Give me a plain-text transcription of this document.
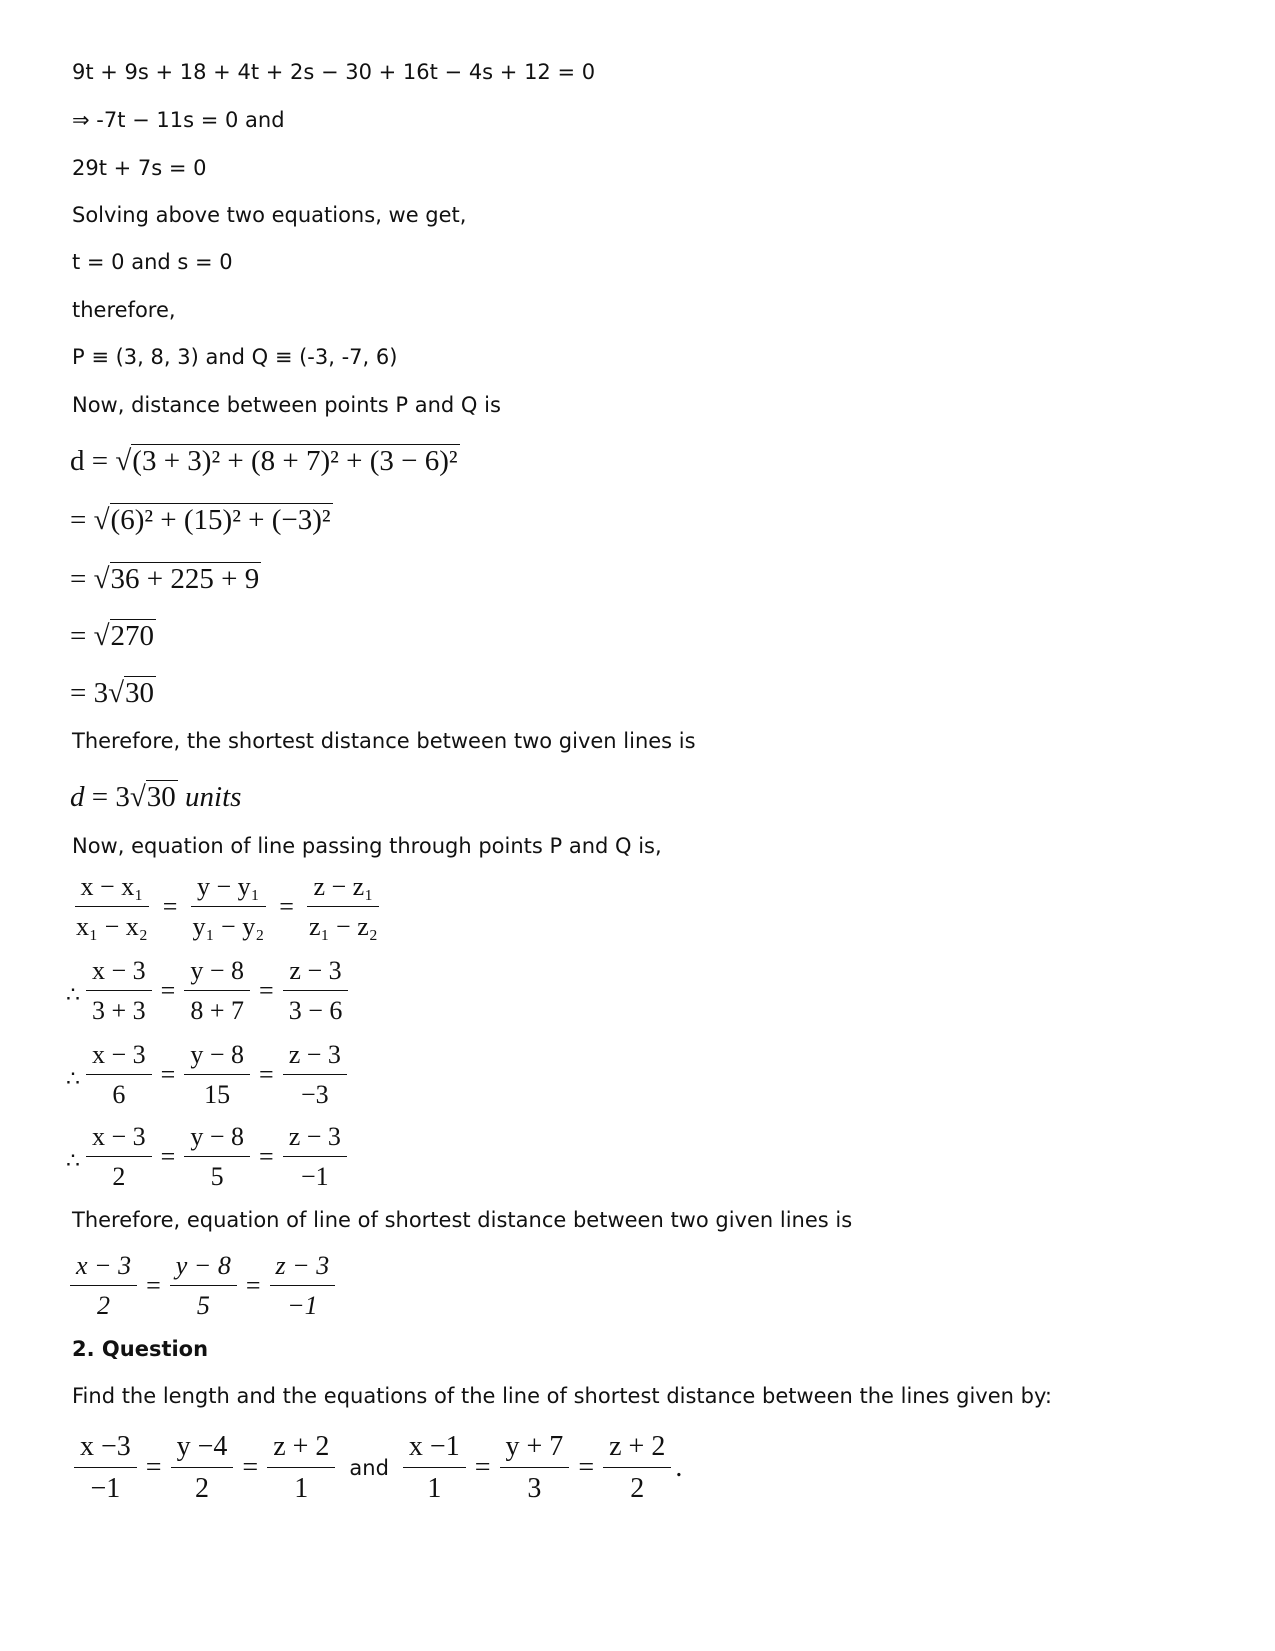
9t + 9s + 18 + 4t + 2s − 30 + 16t − 4s + 12 = 0
⇒ -7t − 11s = 0 and
29t + 7s = 0
Solving above two equations, we get,
t = 0 and s = 0
therefore,
P ≡ (3, 8, 3) and Q ≡ (-3, -7, 6)
Now, distance between points P and Q is
d = √(3 + 3)² + (8 + 7)² + (3 − 6)²
= √(6)² + (15)² + (−3)²
= √36 + 225 + 9
= √270
= 3√30
Therefore, the shortest distance between two given lines is
d = 3√30 units
Now, equation of line passing through points P and Q is,
$\frac{\text{x − x₁}}{\text{x₁ − x₂}} = \frac{\text{y − y₁}}{\text{y₁ − y₂}} = \frac{\text{z − z₁}}{\text{z₁ − z₂}}$
∴ $\frac{x - 3}{3 + 3} = \frac{y - 8}{8 + 7} = \frac{z - 3}{3 - 6}$
∴ $\frac{x - 3}{6} = \frac{y - 8}{15} = \frac{z - 3}{-3}$
∴ $\frac{x - 3}{2} = \frac{y - 8}{5} = \frac{z - 3}{-1}$
Therefore, equation of line of shortest distance between two given lines is
$\frac{x - 3}{2} = \frac{y - 8}{5} = \frac{z - 3}{-1}$
2. Question
Find the length and the equations of the line of shortest distance between the lines given by:
$\frac{x -3}{-1} = \frac{y -4}{2} = \frac{z + 2}{1}$ and $\frac{x -1}{1} = \frac{y + 7}{3} = \frac{z + 2}{2}$ .
